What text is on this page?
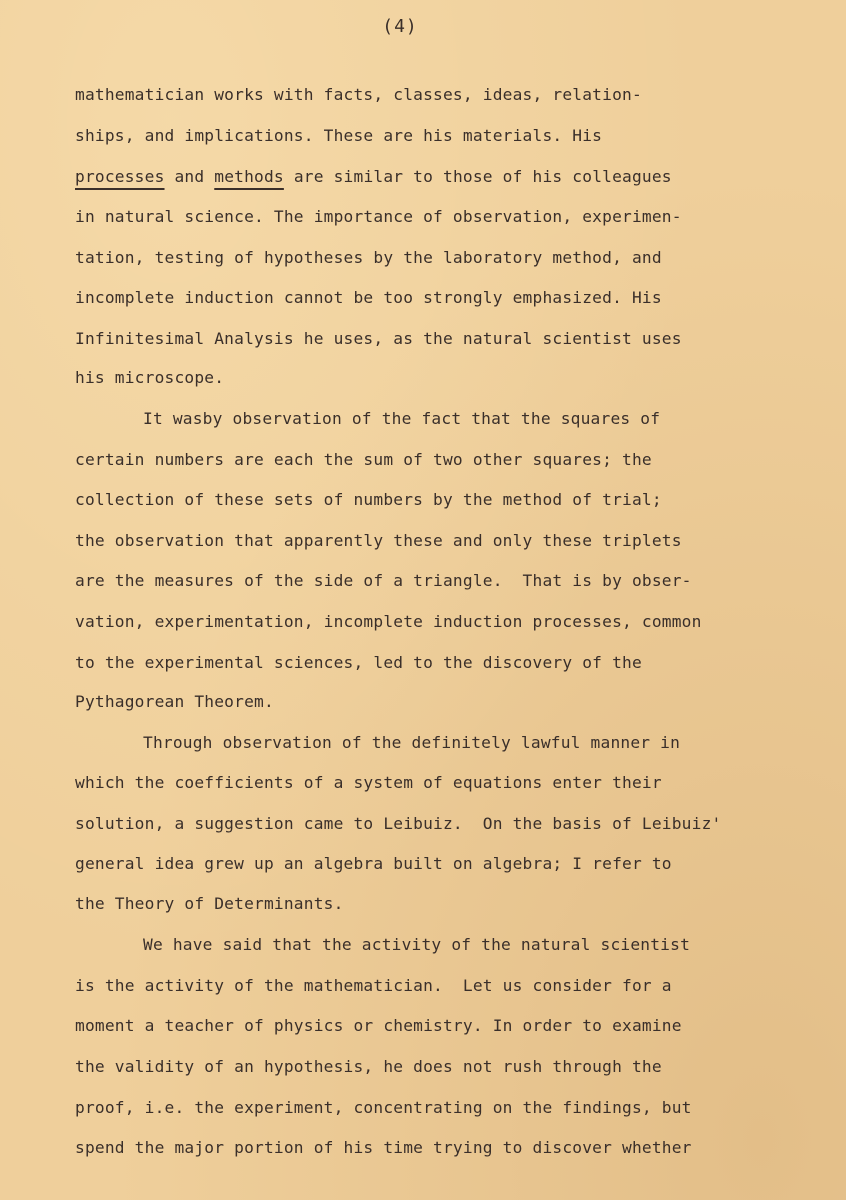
(4)
mathematician works with facts, classes, ideas, relation-
ships, and implications. These are his materials. His
processes and methods are similar to those of his colleagues
in natural science. The importance of observation, experimen-
tation, testing of hypotheses by the laboratory method, and
incomplete induction cannot be too strongly emphasized. His
Infinitesimal Analysis he uses, as the natural scientist uses
his microscope.
It wasby observation of the fact that the squares of
certain numbers are each the sum of two other squares; the
collection of these sets of numbers by the method of trial;
the observation that apparently these and only these triplets
are the measures of the side of a triangle.  That is by obser-
vation, experimentation, incomplete induction processes, common
to the experimental sciences, led to the discovery of the
Pythagorean Theorem.
Through observation of the definitely lawful manner in
which the coefficients of a system of equations enter their
solution, a suggestion came to Leibuiz.  On the basis of Leibuiz'
general idea grew up an algebra built on algebra; I refer to
the Theory of Determinants.
We have said that the activity of the natural scientist
is the activity of the mathematician.  Let us consider for a
moment a teacher of physics or chemistry. In order to examine
the validity of an hypothesis, he does not rush through the
proof, i.e. the experiment, concentrating on the findings, but
spend the major portion of his time trying to discover whether
